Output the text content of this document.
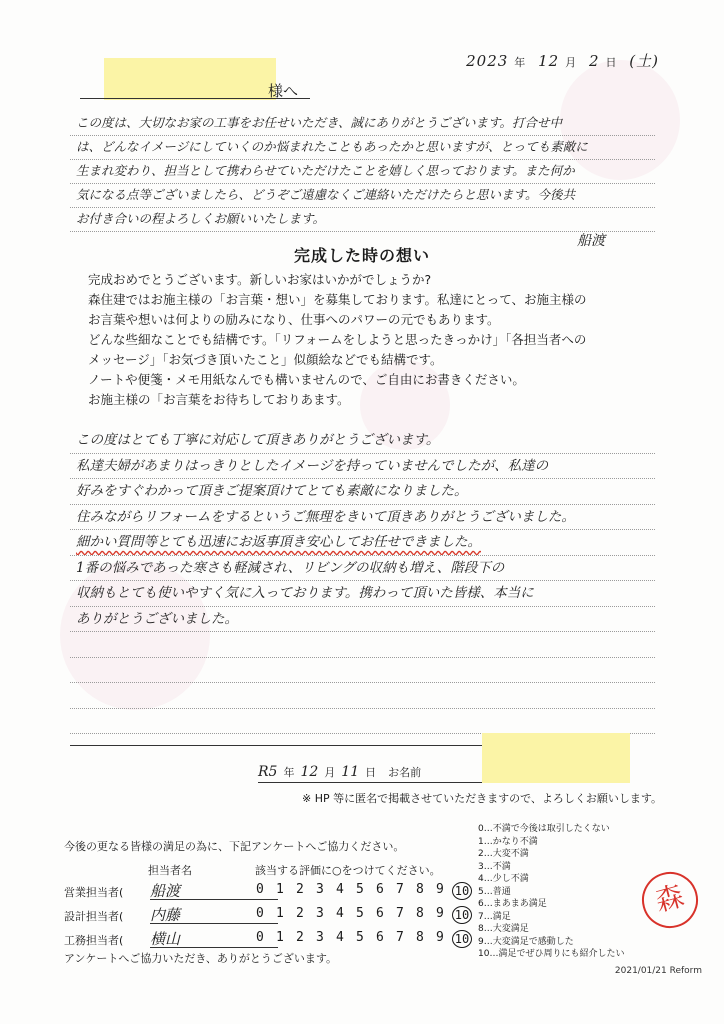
2023 年 12 月 2 日 (土)
様へ
この度は、大切なお家の工事をお任せいただき、誠にありがとうございます。打合せ中
は、どんなイメージにしていくのか悩まれたこともあったかと思いますが、とっても素敵に
生まれ変わり、担当として携わらせていただけたことを嬉しく思っております。また何か
気になる点等ございましたら、どうぞご遠慮なくご連絡いただけたらと思います。今後共
お付き合いの程よろしくお願いいたします。
船渡
完成した時の想い
完成おめでとうございます。新しいお家はいかがでしょうか?
森住建ではお施主様の「お言葉・想い」を募集しております。私達にとって、お施主様の
お言葉や想いは何よりの励みになり、仕事へのパワーの元でもあります。
どんな些細なことでも結構です。「リフォームをしようと思ったきっかけ」「各担当者への
メッセージ」「お気づき頂いたこと」似顔絵などでも結構です。
ノートや便箋・メモ用紙なんでも構いませんので、ご自由にお書きください。
お施主様の「お言葉をお待ちしておりあます。
この度はとても丁寧に対応して頂きありがとうございます。
私達夫婦があまりはっきりとしたイメージを持っていませんでしたが、私達の
好みをすぐわかって頂きご提案頂けてとても素敵になりました。
住みながらリフォームをするというご無理をきいて頂きありがとうございました。
細かい質問等とても迅速にお返事頂き安心してお任せできました。
1番の悩みであった寒さも軽減され、リビングの収納も増え、階段下の
収納もとても使いやすく気に入っております。携わって頂いた皆様、本当に
ありがとうございました。
R5 年 12 月 11 日 お名前
※ HP 等に匿名で掲載させていただきますので、よろしくお願いします。
今後の更なる皆様の満足の為に、下記アンケートへご協力ください。
担当者名	該当する評価に○をつけてください。
営業担当者( 船渡	0 1 2 3 4 5 6 7 8 9 10
設計担当者( 内藤	0 1 2 3 4 5 6 7 8 9 10
工務担当者( 横山	0 1 2 3 4 5 6 7 8 9 10
アンケートへご協力いただき、ありがとうございます。
0…不満で今後は取引したくない
1…かなり不満
2…大変不満
3…不満
4…少し不満
5…普通
6…まあまあ満足
7…満足
8…大変満足
9…大変満足で感動した
10…満足でぜひ周りにも紹介したい
森
2021/01/21 Reform
